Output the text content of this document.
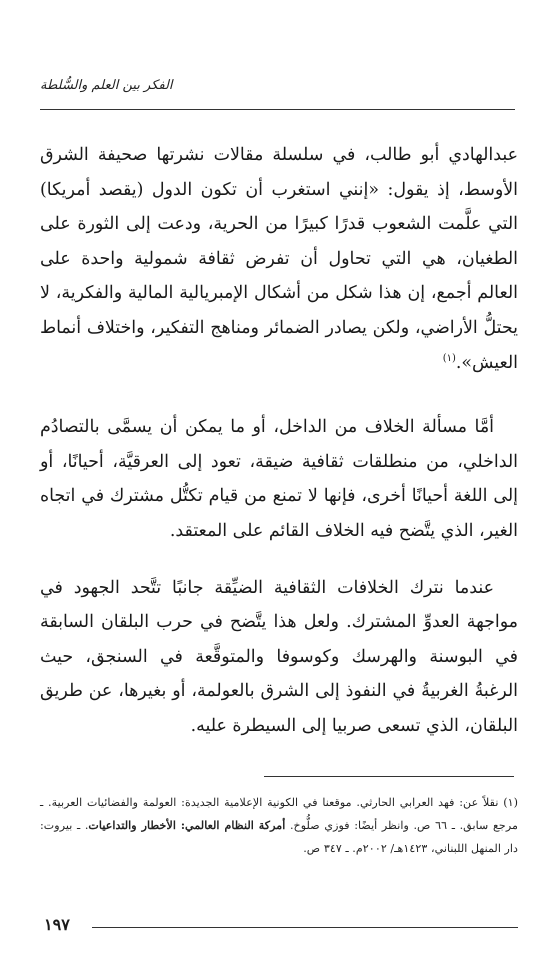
الفكر بين العلم والسُّلطة

عبدالهادي أبو طالب، في سلسلة مقالات نشرتها صحيفة الشرق الأوسط، إذ يقول: «إنني استغرب أن تكون الدول (يقصد أمريكا) التي علَّمت الشعوب قدرًا كبيرًا من الحرية، ودعت إلى الثورة على الطغيان، هي التي تحاول أن تفرض ثقافة شمولية واحدة على العالم أجمع، إن هذا شكل من أشكال الإمبريالية المالية والفكرية، لا يحتلُّ الأراضي، ولكن يصادر الضمائر ومناهج التفكير، واختلاف أنماط العيش».$^{(١)}$

أمَّا مسألة الخلاف من الداخل، أو ما يمكن أن يسمَّى بالتصادُم الداخلي، من منطلقات ثقافية ضيقة، تعود إلى العرقيَّة، أحيانًا، أو إلى اللغة أحيانًا أخرى، فإنها لا تمنع من قيام تكتُّل مشترك في اتجاه الغير، الذي يتَّضح فيه الخلاف القائم على المعتقد.

عندما نترك الخلافات الثقافية الضيِّقة جانبًا تتَّحد الجهود في مواجهة العدوِّ المشترك. ولعل هذا يتَّضح في حرب البلقان السابقة في البوسنة والهرسك وكوسوفا والمتوقَّعة في السنجق، حيث الرغبةُ الغربيةُ في النفوذ إلى الشرق بالعولمة، أو بغيرها، عن طريق البلقان، الذي تسعى صربيا إلى السيطرة عليه.

(١) نقلاً عن: فهد العرابي الحارثي. موقعنا في الكونية الإعلامية الجديدة: العولمة والفضائيات العربية. ـ مرجع سابق. ـ ٦٦ ص. وانظر أيضًا: فوزي صلُّوخ. أمركة النظام العالمي: الأخطار والتداعيات. ـ بيروت: دار المنهل اللبناني، ١٤٢٣هـ/ ٢٠٠٢م. ـ ٣٤٧ ص.

١٩٧
